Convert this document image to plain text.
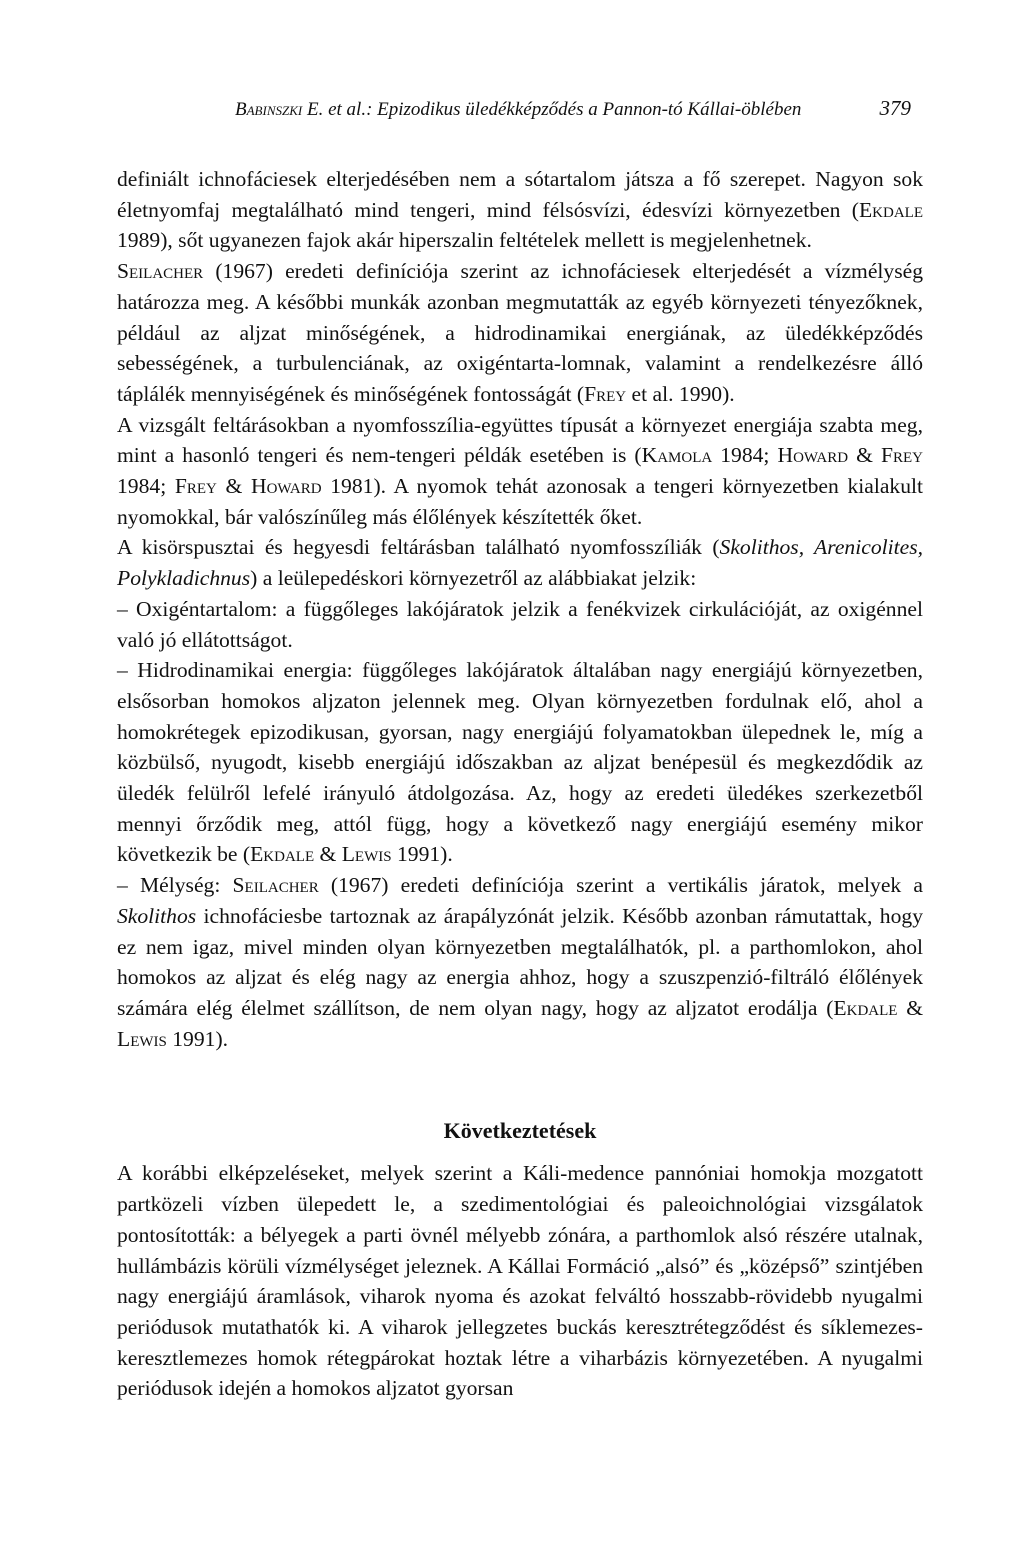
Babinszki E. et al.: Epizodikus üledékképződés a Pannon-tó Kállai-öblében	379

definiált ichnofáciesek elterjedésében nem a sótartalom játsza a fő szerepet. Nagyon sok életnyomfaj megtalálható mind tengeri, mind félsósvízi, édesvízi környezetben (Ekdale 1989), sőt ugyanezen fajok akár hiperszalin feltételek mellett is megjelenhetnek.

Seilacher (1967) eredeti definíciója szerint az ichnofáciesek elterjedését a vízmélység határozza meg. A későbbi munkák azonban megmutatták az egyéb környezeti tényezőknek, például az aljzat minőségének, a hidrodinamikai energiának, az üledékképződés sebességének, a turbulenciának, az oxigéntarta-lomnak, valamint a rendelkezésre álló táplálék mennyiségének és minőségének fontosságát (Frey et al. 1990).

A vizsgált feltárásokban a nyomfosszília-együttes típusát a környezet energiája szabta meg, mint a hasonló tengeri és nem-tengeri példák esetében is (Kamola 1984; Howard & Frey 1984; Frey & Howard 1981). A nyomok tehát azonosak a tengeri környezetben kialakult nyomokkal, bár valószínűleg más élőlények készítették őket.

A kisörspusztai és hegyesdi feltárásban található nyomfosszíliák (Skolithos, Arenicolites, Polykladichnus) a leülepedéskori környezetről az alábbiakat jelzik:

– Oxigéntartalom: a függőleges lakójáratok jelzik a fenékvizek cirkulációját, az oxigénnel való jó ellátottságot.

– Hidrodinamikai energia: függőleges lakójáratok általában nagy energiájú környezetben, elsősorban homokos aljzaton jelennek meg. Olyan környezetben fordulnak elő, ahol a homokrétegek epizodikusan, gyorsan, nagy energiájú folyamatokban ülepednek le, míg a közbülső, nyugodt, kisebb energiájú időszakban az aljzat benépesül és megkezdődik az üledék felülről lefelé irányuló átdolgozása. Az, hogy az eredeti üledékes szerkezetből mennyi őrződik meg, attól függ, hogy a következő nagy energiájú esemény mikor következik be (Ekdale & Lewis 1991).

– Mélység: Seilacher (1967) eredeti definíciója szerint a vertikális járatok, melyek a Skolithos ichnofáciesbe tartoznak az árapályzónát jelzik. Később azonban rámutattak, hogy ez nem igaz, mivel minden olyan környezetben megtalálhatók, pl. a parthomlokon, ahol homokos az aljzat és elég nagy az energia ahhoz, hogy a szuszpenzió-filtráló élőlények számára elég élelmet szállítson, de nem olyan nagy, hogy az aljzatot erodálja (Ekdale & Lewis 1991).

Következtetések

A korábbi elképzeléseket, melyek szerint a Káli-medence pannóniai homokja mozgatott partközeli vízben ülepedett le, a szedimentológiai és paleoichnológiai vizsgálatok pontosították: a bélyegek a parti övnél mélyebb zónára, a parthomlok alsó részére utalnak, hullámbázis körüli vízmélységet jeleznek. A Kállai Formáció „alsó” és „középső” szintjében nagy energiájú áramlások, viharok nyoma és azokat felváltó hosszabb-rövidebb nyugalmi periódusok mutathatók ki. A viharok jellegzetes buckás keresztrétegződést és síklemezes-keresztlemezes homok rétegpárokat hoztak létre a viharbázis környezetében. A nyugalmi periódusok idején a homokos aljzatot gyorsan
